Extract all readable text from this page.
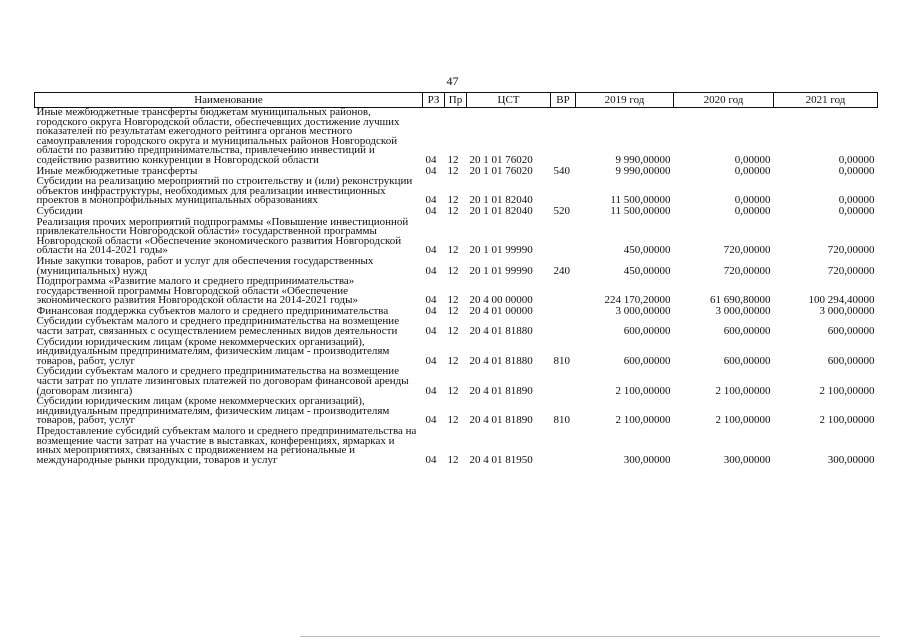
47
Наименование	РЗ	Пр	ЦСТ	ВР	2019 год	2020 год	2021 год
Иные межбюджетные трансферты бюджетам муниципальных районов, городского округа Новгородской области, обеспечевщих достижение лучших показателей по результатам ежегодного рейтинга органов местного самоуправления городского округа и муниципальных районов Новгородской области по развитию предпринимательства, привлечению инвестиций и содействию развитию конкуренции в Новгородской области	04	12	20 1 01 76020		9 990,00000	0,00000	0,00000
Иные межбюджетные трансферты	04	12	20 1 01 76020	540	9 990,00000	0,00000	0,00000
Субсидии на реализацию мероприятий по строительству и (или) реконструкции объектов инфраструктуры, необходимых для реализации инвестиционных проектов в монопрофильных муниципальных образованиях	04	12	20 1 01 82040		11 500,00000	0,00000	0,00000
Субсидии	04	12	20 1 01 82040	520	11 500,00000	0,00000	0,00000
Реализация прочих мероприятий подпрограммы «Повышение инвестиционной привлекательности Новгородской области» государственной программы Новгородской области «Обеспечение экономического развития Новгородской области на 2014-2021 годы»	04	12	20 1 01 99990		450,00000	720,00000	720,00000
Иные закупки товаров, работ и услуг для обеспечения государственных (муниципальных) нужд	04	12	20 1 01 99990	240	450,00000	720,00000	720,00000
Подпрограмма «Развитие малого и среднего предпринимательства» государственной программы Новгородской области «Обеспечение экономического развития Новгородской области на 2014-2021 годы»	04	12	20 4 00 00000		224 170,20000	61 690,80000	100 294,40000
Финансовая поддержка субъектов малого и среднего предпринимательства	04	12	20 4 01 00000		3 000,00000	3 000,00000	3 000,00000
Субсидии субъектам малого и среднего предпринимательства на возмещение части затрат, связанных с осуществлением ремесленных видов деятельности	04	12	20 4 01 81880		600,00000	600,00000	600,00000
Субсидии юридическим лицам (кроме некоммерческих организаций), индивидуальным предпринимателям, физическим лицам - производителям товаров, работ, услуг	04	12	20 4 01 81880	810	600,00000	600,00000	600,00000
Субсидии субъектам малого и среднего предпринимательства на возмещение части затрат по уплате лизинговых платежей по договорам финансовой аренды (договорам лизинга)	04	12	20 4 01 81890		2 100,00000	2 100,00000	2 100,00000
Субсидии юридическим лицам (кроме некоммерческих организаций), индивидуальным предпринимателям, физическим лицам - производителям товаров, работ, услуг	04	12	20 4 01 81890	810	2 100,00000	2 100,00000	2 100,00000
Предоставление субсидий субъектам малого и среднего предпринимательства на возмещение части затрат на участие в выставках, конференциях, ярмарках и иных мероприятиях, связанных с продвижением на региональные и международные рынки продукции, товаров и услуг	04	12	20 4 01 81950		300,00000	300,00000	300,00000
